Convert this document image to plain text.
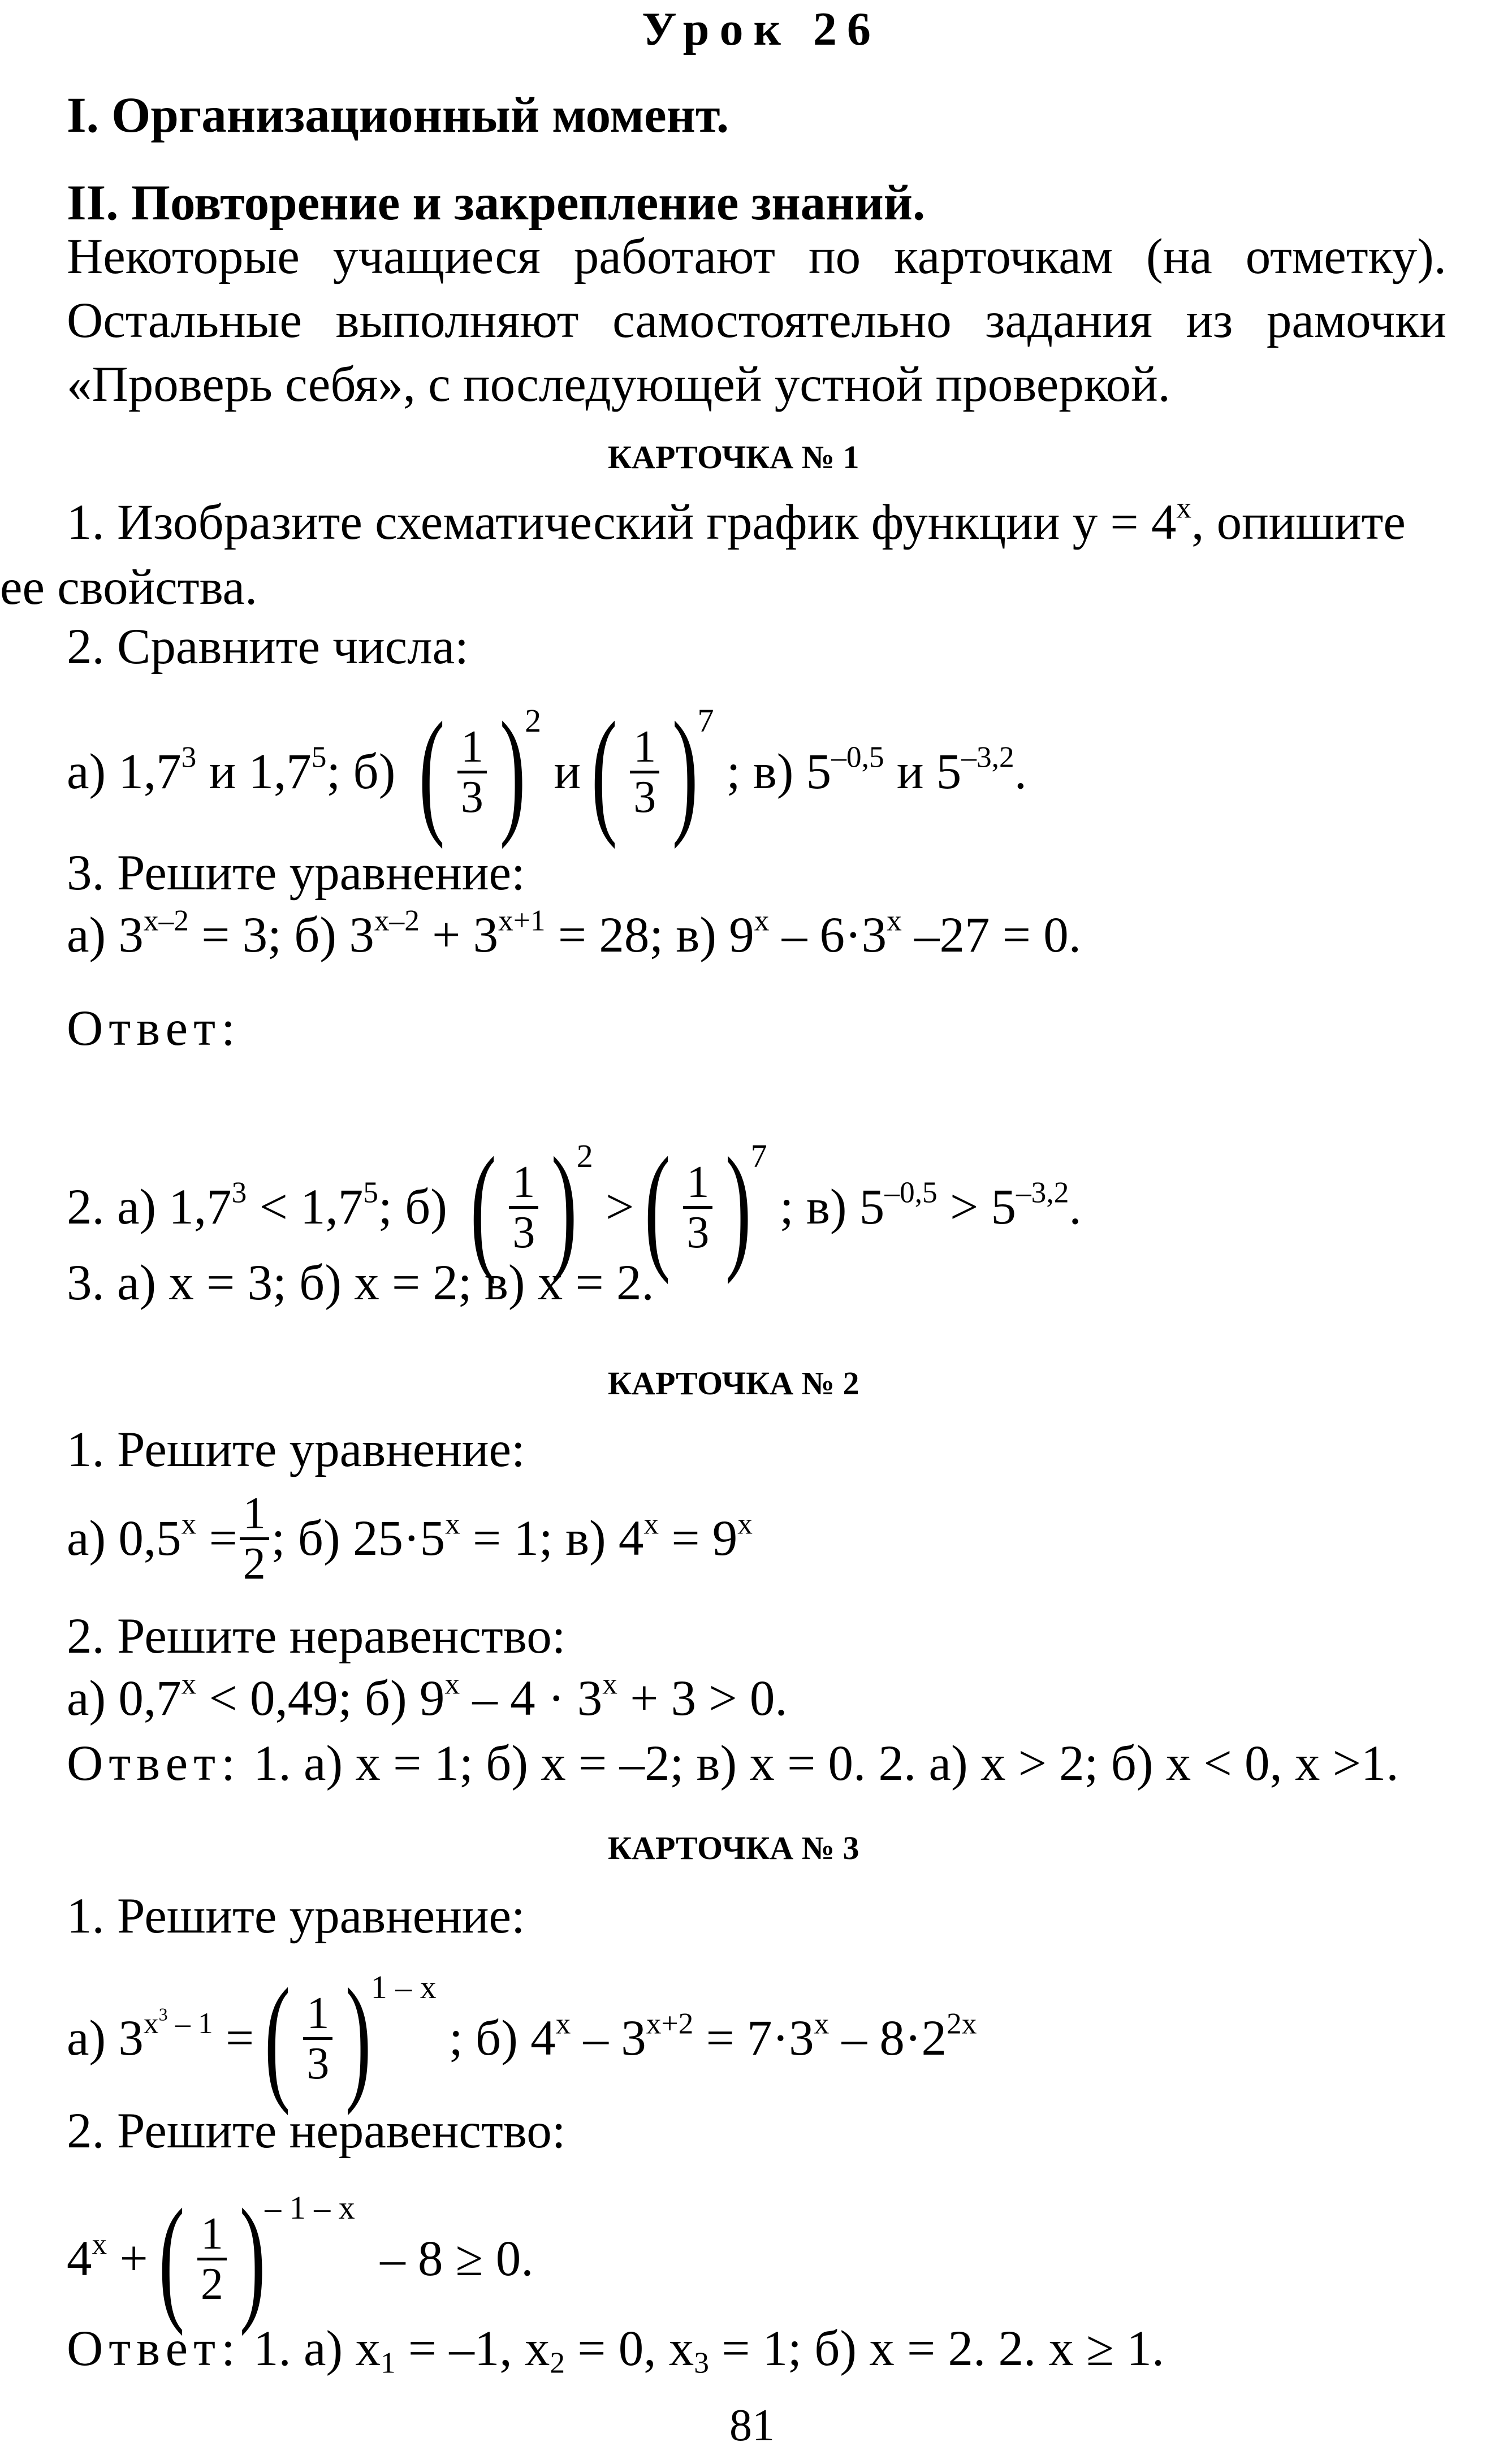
Урок 26
I. Организационный момент.
II. Повторение и закрепление знаний.
Некоторые учащиеся работают по карточкам (на отметку). Остальные выполняют самостоятельно задания из рамочки «Проверь себя», с последующей устной проверкой.
КАРТОЧКА № 1
1. Изобразите схематический график функции $у = 4^x$, опишите
ее свойства.
2. Сравните числа:
а) $1,7^3$ и $1,7^5$; б) ( $\frac{1}{3}$ )
2
и ( $\frac{1}{3}$ )
7
; в) $5^{-0,5}$ и $5^{-3,2}$.
3. Решите уравнение:
а) $3^{х-2} = 3$; б) $3^{х-2} + 3^{х+1} = 28$; в) $9^х - 6\cdot 3^х$ –27 = 0.
Ответ:
2. а) $1,7^3 < 1,7^5$; б) ( $\frac{1}{3}$ )
2
> ( $\frac{1}{3}$ )
7
; в) $5^{-0,5} > 5^{-3,2}$.
3. а) х = 3; б) х = 2; в) х = 2.
КАРТОЧКА № 2
1. Решите уравнение:
а) $0,5^х = \frac{1}{2}$ ; б) $25\cdot 5^х = 1$; в) $4^х = 9^х$
2. Решите неравенство:
а) $0,7^х < 0,49$; б) $9^х - 4 \cdot 3^х + 3 > 0$.
Ответ: 1. а) х = 1; б) х = –2; в) х = 0. 2. а) х > 2; б) х < 0, х >1.
КАРТОЧКА № 3
1. Решите уравнение:
а) $3^{х^3 - 1}$ = ( $\frac{1}{3}$ )
1 – х
; б) $4^х - 3^{х+2} = 7\cdot 3^х - 8\cdot 2^{2х}$
2. Решите неравенство:
$4^х$ + ( $\frac{1}{2}$ )
– 1 – х
– 8 ≥ 0.
Ответ: 1. а) $х_1 = -1$, $х_2 = 0$, $х_3 = 1$; б) х = 2. 2. х ≥ 1.
81
